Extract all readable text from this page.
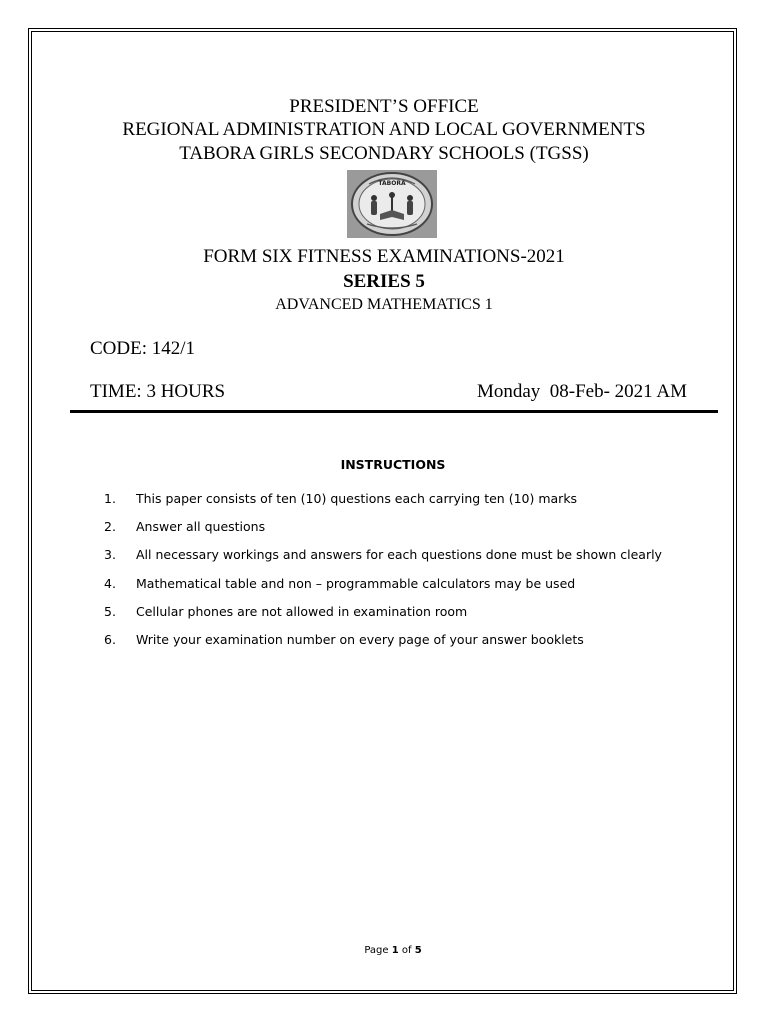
PRESIDENT’S OFFICE
REGIONAL ADMINISTRATION AND LOCAL GOVERNMENTS
TABORA GIRLS SECONDARY SCHOOLS (TGSS)
TABORA
FORM SIX FITNESS EXAMINATIONS-2021
SERIES 5
ADVANCED MATHEMATICS 1
CODE: 142/1
TIME: 3 HOURS	Monday  08-Feb- 2021 AM
INSTRUCTIONS
1.	This paper consists of ten (10) questions each carrying ten (10) marks
2.	Answer all questions
3.	All necessary workings and answers for each questions done must be shown clearly
4.	Mathematical table and non – programmable calculators may be used
5.	Cellular phones are not allowed in examination room
6.	Write your examination number on every page of your answer booklets
Page 1 of 5
